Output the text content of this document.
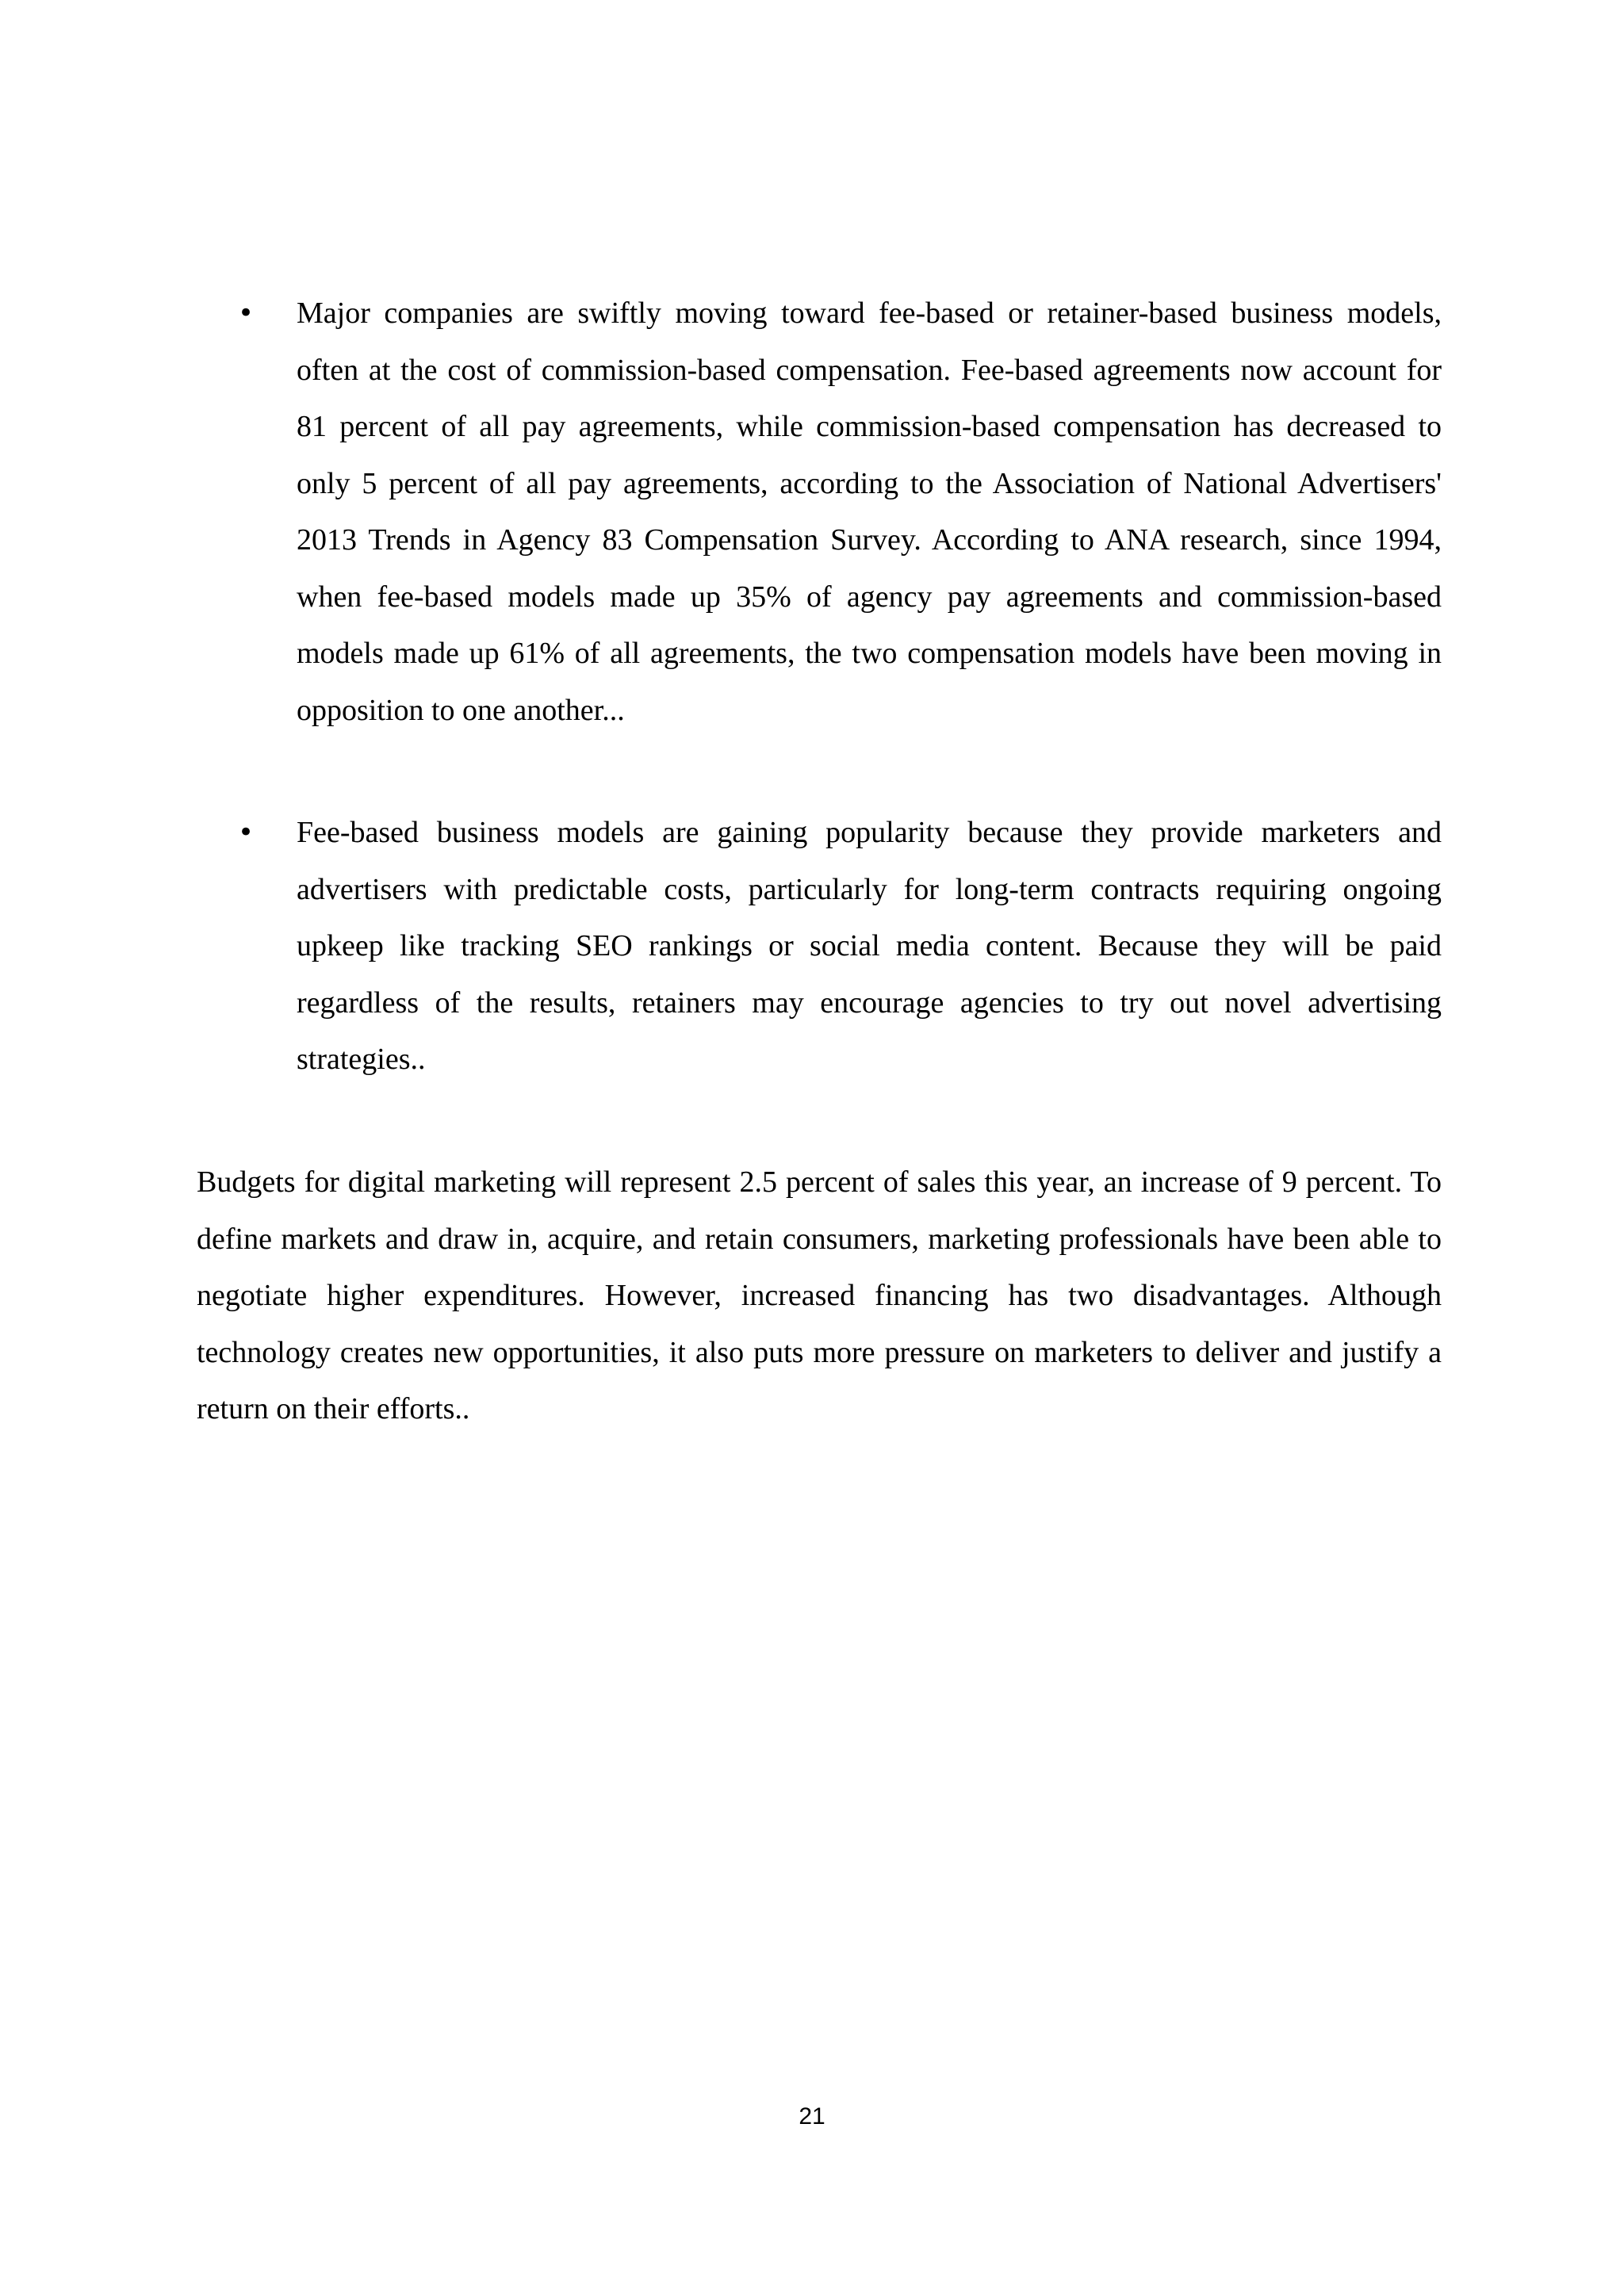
• Major companies are swiftly moving toward fee-based or retainer-based business models, often at the cost of commission-based compensation. Fee-based agreements now account for 81 percent of all pay agreements, while commission-based compensation has decreased to only 5 percent of all pay agreements, according to the Association of National Advertisers' 2013 Trends in Agency 83 Compensation Survey. According to ANA research, since 1994, when fee-based models made up 35% of agency pay agreements and commission-based models made up 61% of all agreements, the two compensation models have been moving in opposition to one another...

• Fee-based business models are gaining popularity because they provide marketers and advertisers with predictable costs, particularly for long-term contracts requiring ongoing upkeep like tracking SEO rankings or social media content. Because they will be paid regardless of the results, retainers may encourage agencies to try out novel advertising strategies..

Budgets for digital marketing will represent 2.5 percent of sales this year, an increase of 9 percent. To define markets and draw in, acquire, and retain consumers, marketing professionals have been able to negotiate higher expenditures. However, increased financing has two disadvantages. Although technology creates new opportunities, it also puts more pressure on marketers to deliver and justify a return on their efforts..

21
